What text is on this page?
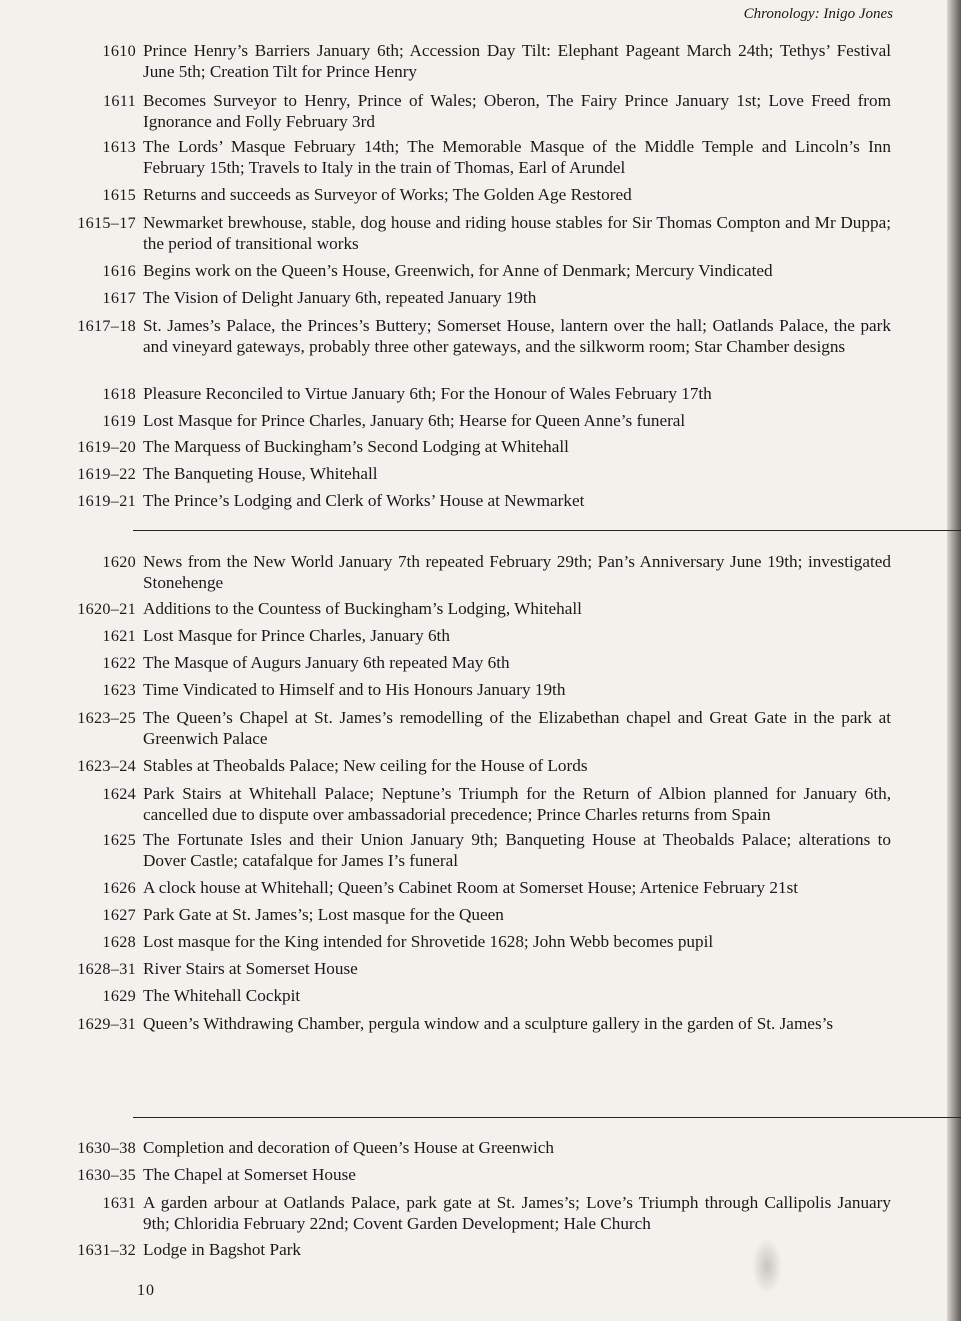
Chronology: Inigo Jones
1610 Prince Henry’s Barriers January 6th; Accession Day Tilt: Elephant Pageant March 24th; Tethys’ Festival June 5th; Creation Tilt for Prince Henry
1611 Becomes Surveyor to Henry, Prince of Wales; Oberon, The Fairy Prince January 1st; Love Freed from Ignorance and Folly February 3rd
1613 The Lords’ Masque February 14th; The Memorable Masque of the Middle Temple and Lincoln’s Inn February 15th; Travels to Italy in the train of Thomas, Earl of Arundel
1615 Returns and succeeds as Surveyor of Works; The Golden Age Restored
1615–17 Newmarket brewhouse, stable, dog house and riding house stables for Sir Thomas Compton and Mr Duppa; the period of transitional works
1616 Begins work on the Queen’s House, Greenwich, for Anne of Denmark; Mercury Vindicated
1617 The Vision of Delight January 6th, repeated January 19th
1617–18 St. James’s Palace, the Princes’s Buttery; Somerset House, lantern over the hall; Oatlands Palace, the park and vineyard gateways, probably three other gateways, and the silkworm room; Star Chamber designs
1618 Pleasure Reconciled to Virtue January 6th; For the Honour of Wales February 17th
1619 Lost Masque for Prince Charles, January 6th; Hearse for Queen Anne’s funeral
1619–20 The Marquess of Buckingham’s Second Lodging at Whitehall
1619–22 The Banqueting House, Whitehall
1619–21 The Prince’s Lodging and Clerk of Works’ House at Newmarket
1620 News from the New World January 7th repeated February 29th; Pan’s Anniversary June 19th; investigated Stonehenge
1620–21 Additions to the Countess of Buckingham’s Lodging, Whitehall
1621 Lost Masque for Prince Charles, January 6th
1622 The Masque of Augurs January 6th repeated May 6th
1623 Time Vindicated to Himself and to His Honours January 19th
1623–25 The Queen’s Chapel at St. James’s remodelling of the Elizabethan chapel and Great Gate in the park at Greenwich Palace
1623–24 Stables at Theobalds Palace; New ceiling for the House of Lords
1624 Park Stairs at Whitehall Palace; Neptune’s Triumph for the Return of Albion planned for January 6th, cancelled due to dispute over ambassadorial precedence; Prince Charles returns from Spain
1625 The Fortunate Isles and their Union January 9th; Banqueting House at Theobalds Palace; alterations to Dover Castle; catafalque for James I’s funeral
1626 A clock house at Whitehall; Queen’s Cabinet Room at Somerset House; Artenice February 21st
1627 Park Gate at St. James’s; Lost masque for the Queen
1628 Lost masque for the King intended for Shrovetide 1628; John Webb becomes pupil
1628–31 River Stairs at Somerset House
1629 The Whitehall Cockpit
1629–31 Queen’s Withdrawing Chamber, pergula window and a sculpture gallery in the garden of St. James’s
1630–38 Completion and decoration of Queen’s House at Greenwich
1630–35 The Chapel at Somerset House
1631 A garden arbour at Oatlands Palace, park gate at St. James’s; Love’s Triumph through Callipolis January 9th; Chloridia February 22nd; Covent Garden Development; Hale Church
1631–32 Lodge in Bagshot Park
10
